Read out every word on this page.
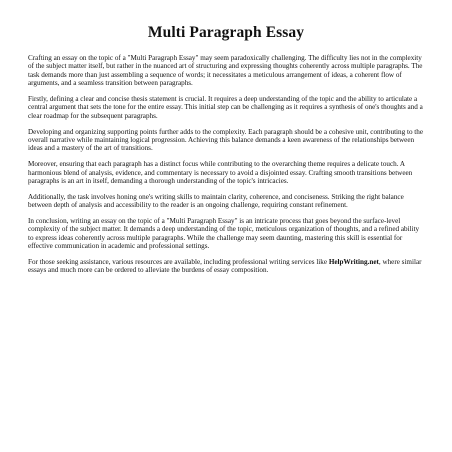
Multi Paragraph Essay

Crafting an essay on the topic of a "Multi Paragraph Essay" may seem paradoxically challenging. The difficulty lies not in the complexity of the subject matter itself, but rather in the nuanced art of structuring and expressing thoughts coherently across multiple paragraphs. The task demands more than just assembling a sequence of words; it necessitates a meticulous arrangement of ideas, a coherent flow of arguments, and a seamless transition between paragraphs.

Firstly, defining a clear and concise thesis statement is crucial. It requires a deep understanding of the topic and the ability to articulate a central argument that sets the tone for the entire essay. This initial step can be challenging as it requires a synthesis of one's thoughts and a clear roadmap for the subsequent paragraphs.

Developing and organizing supporting points further adds to the complexity. Each paragraph should be a cohesive unit, contributing to the overall narrative while maintaining logical progression. Achieving this balance demands a keen awareness of the relationships between ideas and a mastery of the art of transitions.

Moreover, ensuring that each paragraph has a distinct focus while contributing to the overarching theme requires a delicate touch. A harmonious blend of analysis, evidence, and commentary is necessary to avoid a disjointed essay. Crafting smooth transitions between paragraphs is an art in itself, demanding a thorough understanding of the topic's intricacies.

Additionally, the task involves honing one's writing skills to maintain clarity, coherence, and conciseness. Striking the right balance between depth of analysis and accessibility to the reader is an ongoing challenge, requiring constant refinement.

In conclusion, writing an essay on the topic of a "Multi Paragraph Essay" is an intricate process that goes beyond the surface-level complexity of the subject matter. It demands a deep understanding of the topic, meticulous organization of thoughts, and a refined ability to express ideas coherently across multiple paragraphs. While the challenge may seem daunting, mastering this skill is essential for effective communication in academic and professional settings.

For those seeking assistance, various resources are available, including professional writing services like HelpWriting.net, where similar essays and much more can be ordered to alleviate the burdens of essay composition.
